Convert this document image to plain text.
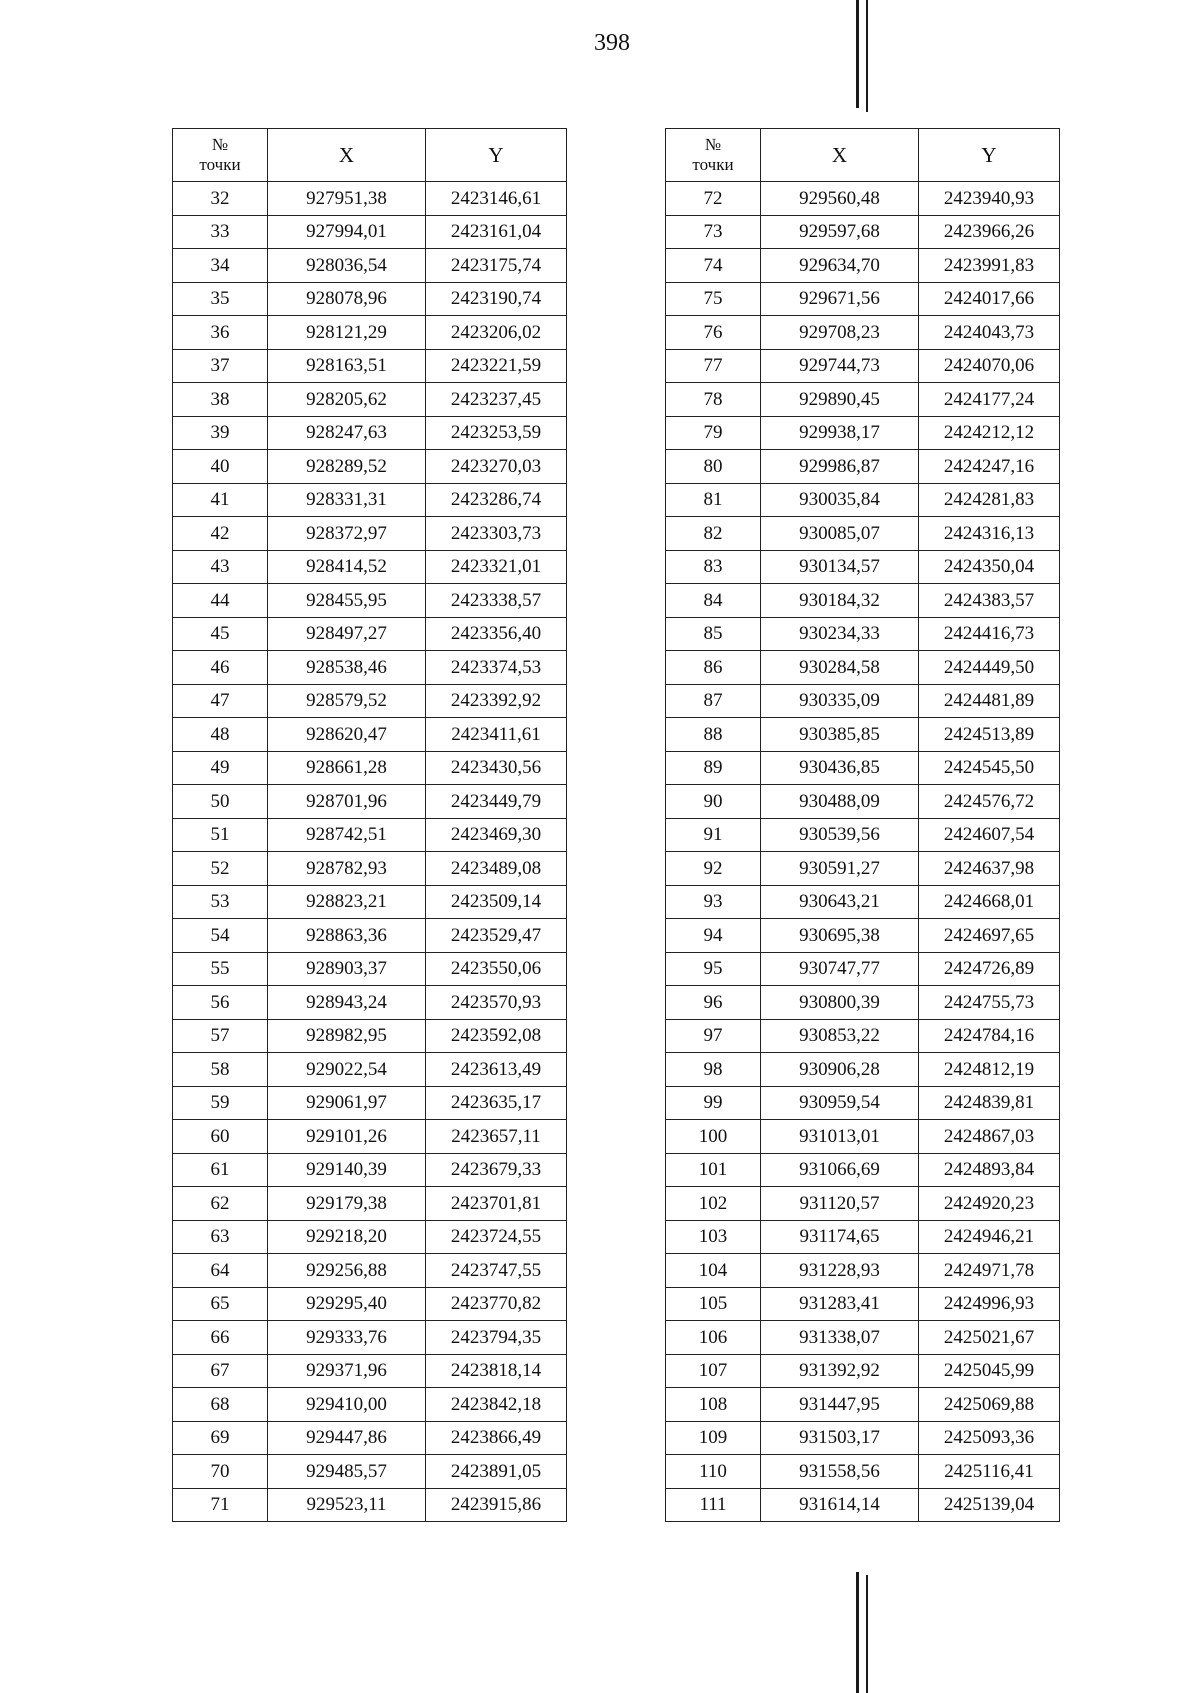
398
№
точки	X	Y
32	927951,38	2423146,61
33	927994,01	2423161,04
34	928036,54	2423175,74
35	928078,96	2423190,74
36	928121,29	2423206,02
37	928163,51	2423221,59
38	928205,62	2423237,45
39	928247,63	2423253,59
40	928289,52	2423270,03
41	928331,31	2423286,74
42	928372,97	2423303,73
43	928414,52	2423321,01
44	928455,95	2423338,57
45	928497,27	2423356,40
46	928538,46	2423374,53
47	928579,52	2423392,92
48	928620,47	2423411,61
49	928661,28	2423430,56
50	928701,96	2423449,79
51	928742,51	2423469,30
52	928782,93	2423489,08
53	928823,21	2423509,14
54	928863,36	2423529,47
55	928903,37	2423550,06
56	928943,24	2423570,93
57	928982,95	2423592,08
58	929022,54	2423613,49
59	929061,97	2423635,17
60	929101,26	2423657,11
61	929140,39	2423679,33
62	929179,38	2423701,81
63	929218,20	2423724,55
64	929256,88	2423747,55
65	929295,40	2423770,82
66	929333,76	2423794,35
67	929371,96	2423818,14
68	929410,00	2423842,18
69	929447,86	2423866,49
70	929485,57	2423891,05
71	929523,11	2423915,86
№
точки	X	Y
72	929560,48	2423940,93
73	929597,68	2423966,26
74	929634,70	2423991,83
75	929671,56	2424017,66
76	929708,23	2424043,73
77	929744,73	2424070,06
78	929890,45	2424177,24
79	929938,17	2424212,12
80	929986,87	2424247,16
81	930035,84	2424281,83
82	930085,07	2424316,13
83	930134,57	2424350,04
84	930184,32	2424383,57
85	930234,33	2424416,73
86	930284,58	2424449,50
87	930335,09	2424481,89
88	930385,85	2424513,89
89	930436,85	2424545,50
90	930488,09	2424576,72
91	930539,56	2424607,54
92	930591,27	2424637,98
93	930643,21	2424668,01
94	930695,38	2424697,65
95	930747,77	2424726,89
96	930800,39	2424755,73
97	930853,22	2424784,16
98	930906,28	2424812,19
99	930959,54	2424839,81
100	931013,01	2424867,03
101	931066,69	2424893,84
102	931120,57	2424920,23
103	931174,65	2424946,21
104	931228,93	2424971,78
105	931283,41	2424996,93
106	931338,07	2425021,67
107	931392,92	2425045,99
108	931447,95	2425069,88
109	931503,17	2425093,36
110	931558,56	2425116,41
111	931614,14	2425139,04
